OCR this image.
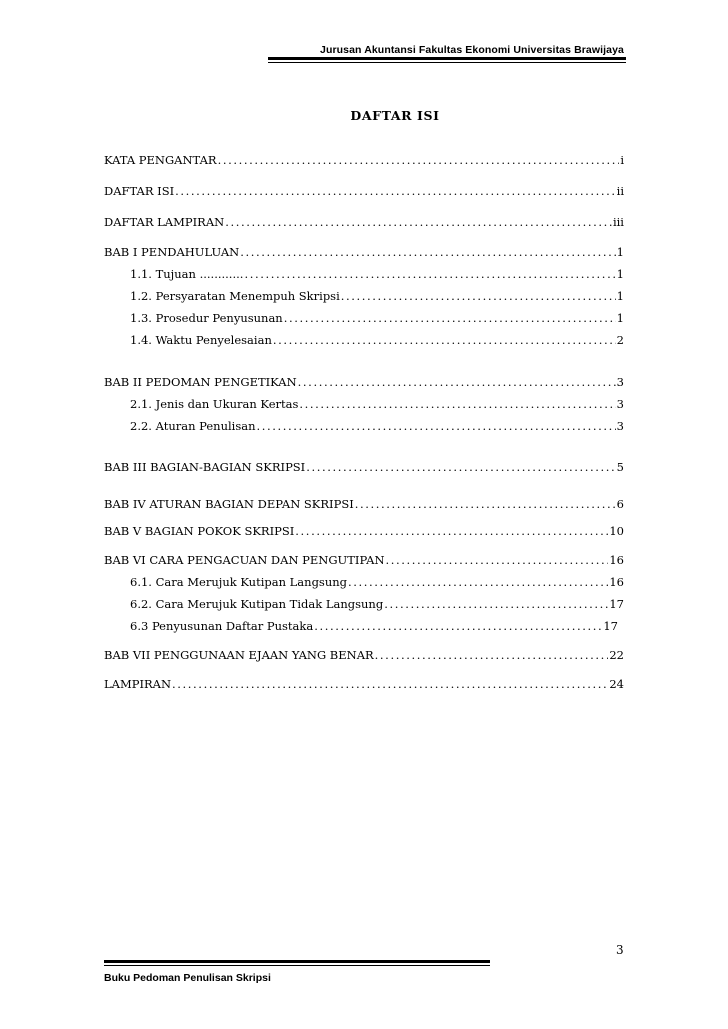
Jurusan Akuntansi Fakultas Ekonomi Universitas Brawijaya
DAFTAR ISI
KATA PENGANTAR .....	i
DAFTAR ISI .....	ii
DAFTAR LAMPIRAN .....	iii
BAB I PENDAHULUAN .....	1
1.1. Tujuan ............ .....	1
1.2. Persyaratan Menempuh Skripsi .....	1
1.3. Prosedur Penyusunan .....	1
1.4. Waktu Penyelesaian .....	2
BAB II PEDOMAN PENGETIKAN .....	3
2.1. Jenis dan Ukuran Kertas .....	3
2.2. Aturan Penulisan .....	3
BAB III BAGIAN-BAGIAN SKRIPSI .....	5
BAB IV ATURAN BAGIAN DEPAN SKRIPSI .....	6
BAB V BAGIAN POKOK SKRIPSI .....	10
BAB VI CARA PENGACUAN DAN PENGUTIPAN .....	16
6.1. Cara Merujuk Kutipan Langsung .....	16
6.2. Cara Merujuk Kutipan Tidak Langsung .....	17
6.3 Penyusunan Daftar Pustaka .....	17
BAB VII PENGGUNAAN EJAAN YANG BENAR .....	22
LAMPIRAN .....	24
3
Buku Pedoman Penulisan Skripsi
